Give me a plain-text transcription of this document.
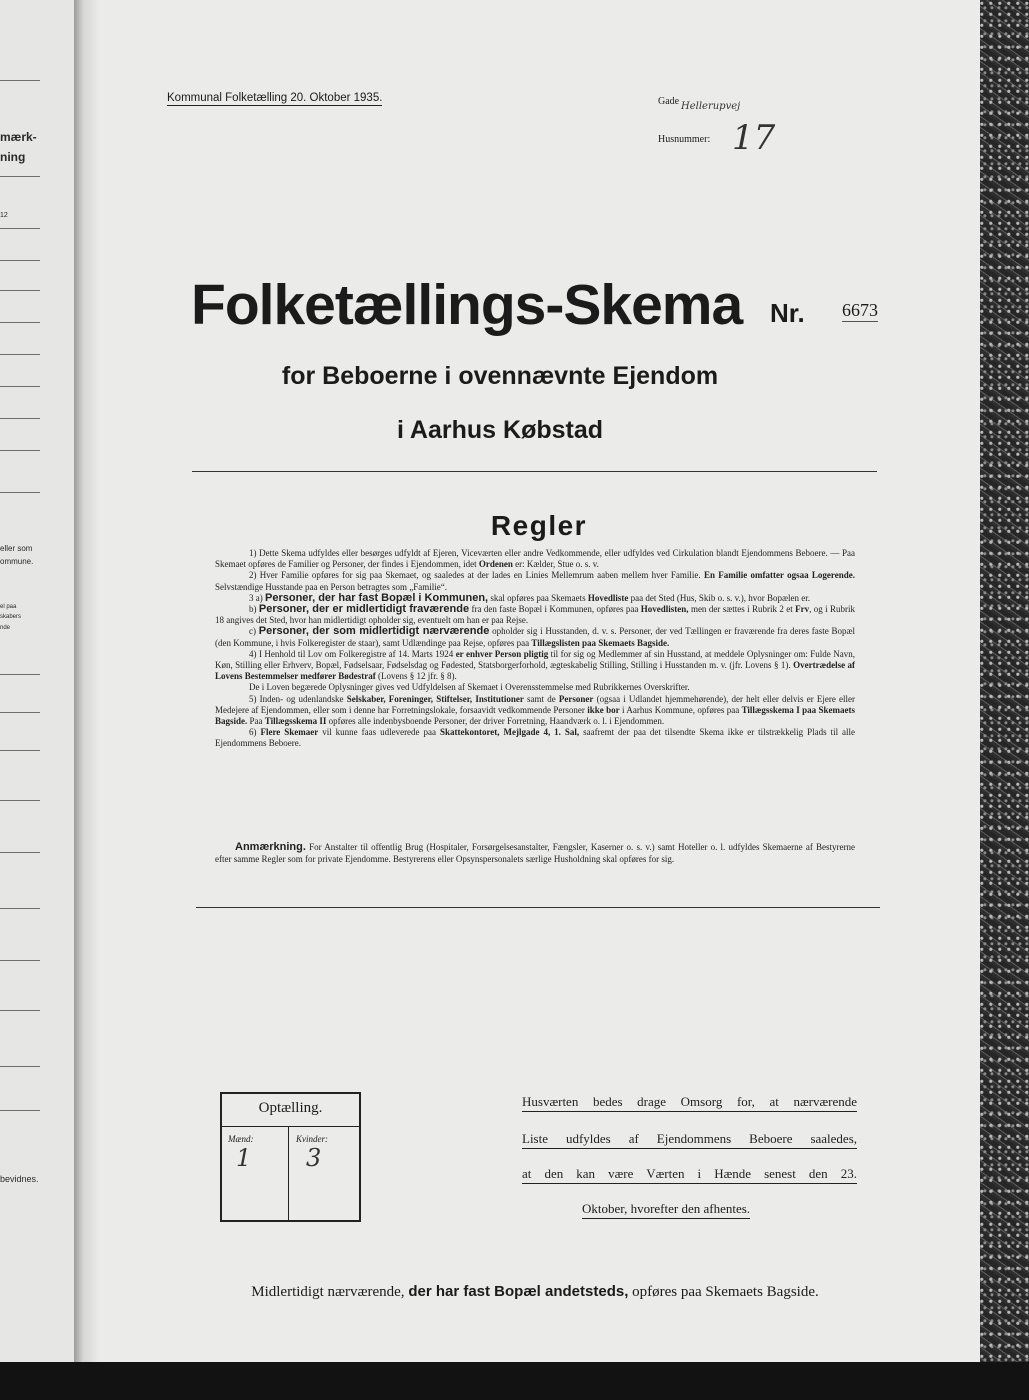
mærk-
ning
12
eller som
ommune.
el paa
skabers
nde
bevidnes.
Kommunal Folketælling 20. Oktober 1935.	Gade Hellerupvej
Husnummer: 17
Folketællings-Skema Nr. 6673
for Beboerne i ovennævnte Ejendom
i Aarhus Købstad
Regler

1) Dette Skema udfyldes eller besørges udfyldt af Ejeren, Viceværten eller andre Vedkommende, eller udfyldes ved Cirkulation blandt Ejendommens Beboere. — Paa Skemaet opføres de Familier og Personer, der findes i Ejendommen, idet Ordenen er: Kælder, Stue o. s. v.

2) Hver Familie opføres for sig paa Skemaet, og saaledes at der lades en Linies Mellemrum aaben mellem hver Familie. En Familie omfatter ogsaa Logerende. Selvstændige Husstande paa en Person betragtes som „Familie“.

3 a) Personer, der har fast Bopæl i Kommunen, skal opføres paa Skemaets Hovedliste paa det Sted (Hus, Skib o. s. v.), hvor Bopælen er.

b) Personer, der er midlertidigt fraværende fra den faste Bopæl i Kommunen, opføres paa Hovedlisten, men der sættes i Rubrik 2 et Frv, og i Rubrik 18 angives det Sted, hvor han midlertidigt opholder sig, eventuelt om han er paa Rejse.

c) Personer, der som midlertidigt nærværende opholder sig i Husstanden, d. v. s. Personer, der ved Tællingen er fraværende fra deres faste Bopæl (den Kommune, i hvis Folkeregister de staar), samt Udlændinge paa Rejse, opføres paa Tillægslisten paa Skemaets Bagside.

4) I Henhold til Lov om Folkeregistre af 14. Marts 1924 er enhver Person pligtig til for sig og Medlemmer af sin Husstand, at meddele Oplysninger om: Fulde Navn, Køn, Stilling eller Erhverv, Bopæl, Fødselsaar, Fødselsdag og Fødested, Statsborgerforhold, ægteskabelig Stilling, Stilling i Husstanden m. v. (jfr. Lovens § 1). Overtrædelse af Lovens Bestemmelser medfører Bødestraf (Lovens § 12 jfr. § 8).

De i Loven begærede Oplysninger gives ved Udfyldelsen af Skemaet i Overensstemmelse med Rubrikkernes Overskrifter.

5) Inden- og udenlandske Selskaber, Foreninger, Stiftelser, Institutioner samt de Personer (ogsaa i Udlandet hjemmehørende), der helt eller delvis er Ejere eller Medejere af Ejendommen, eller som i denne har Forretningslokale, forsaavidt vedkommende Personer ikke bor i Aarhus Kommune, opføres paa Tillægsskema I paa Skemaets Bagside. Paa Tillægsskema II opføres alle indenbysboende Personer, der driver Forretning, Haandværk o. l. i Ejendommen.

6) Flere Skemaer vil kunne faas udleverede paa Skattekontoret, Mejlgade 4, 1. Sal, saafremt der paa det tilsendte Skema ikke er tilstrækkelig Plads til alle Ejendommens Beboere.

Anmærkning. For Anstalter til offentlig Brug (Hospitaler, Forsørgelsesanstalter, Fængsler, Kaserner o. s. v.) samt Hoteller o. l. udfyldes Skemaerne af Bestyrerne efter samme Regler som for private Ejendomme. Bestyrerens eller Opsynspersonalets særlige Husholdning skal opføres for sig.
Optælling.
Mænd:
1
Kvinder:
3
Husværten bedes drage Omsorg for, at nærværende
Liste udfyldes af Ejendommens Beboere saaledes,
at den kan være Værten i Hænde senest den 23.
Oktober, hvorefter den afhentes.
Midlertidigt nærværende, der har fast Bopæl andetsteds, opføres paa Skemaets Bagside.
